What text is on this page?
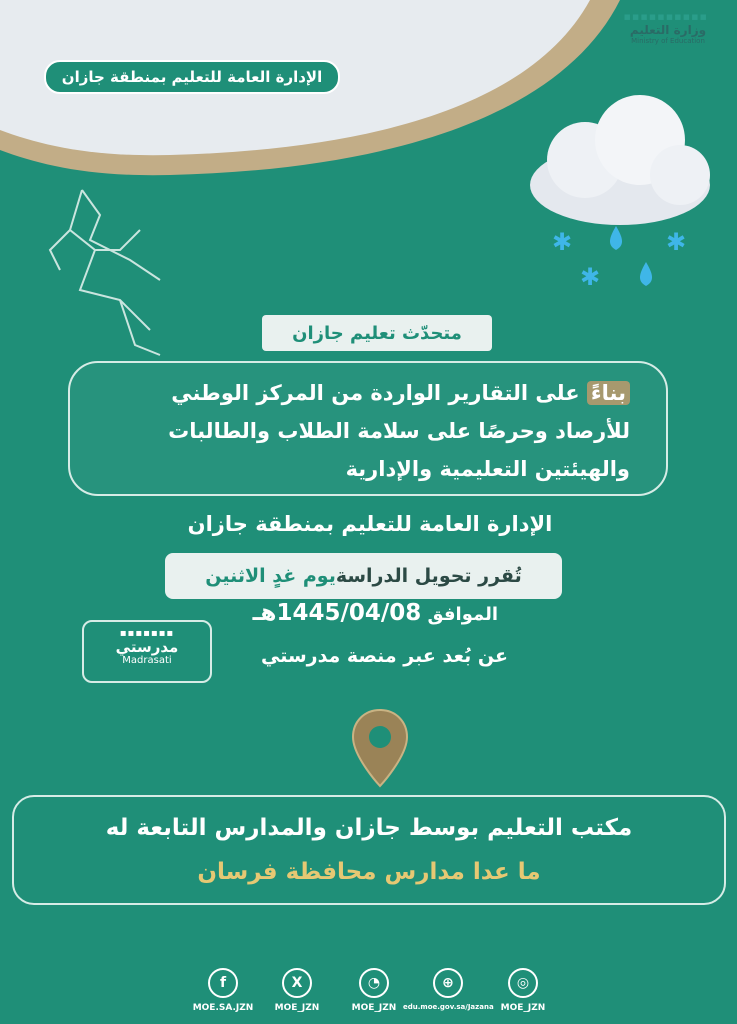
✱	✱
✱
▪▪▪▪▪▪▪▪▪▪
وزارة التعليم
Ministry of Education
الإدارة العامة للتعليم بمنطقة جازان
متحدّث تعليم جازان
بناءً على التقارير الواردة من المركز الوطني
للأرصاد وحرصًا على سلامة الطلاب والطالبات
والهيئتين التعليمية والإدارية
الإدارة العامة للتعليم بمنطقة جازان
تُقرر تحويل الدراسة
يوم غدٍ الاثنين
الموافق 1445/04/08هـ
عن بُعد عبر منصة مدرستي
▪▪▪▪▪▪▪
مدرستي
Madrasati
مكتب التعليم بوسط جازان والمدارس التابعة له
ما عدا مدارس محافظة فرسان
f
MOE.SA.JZN
X
MOE_JZN
◔
MOE_JZN
⊕
edu.moe.gov.sa/Jazana
◎
MOE_JZN
